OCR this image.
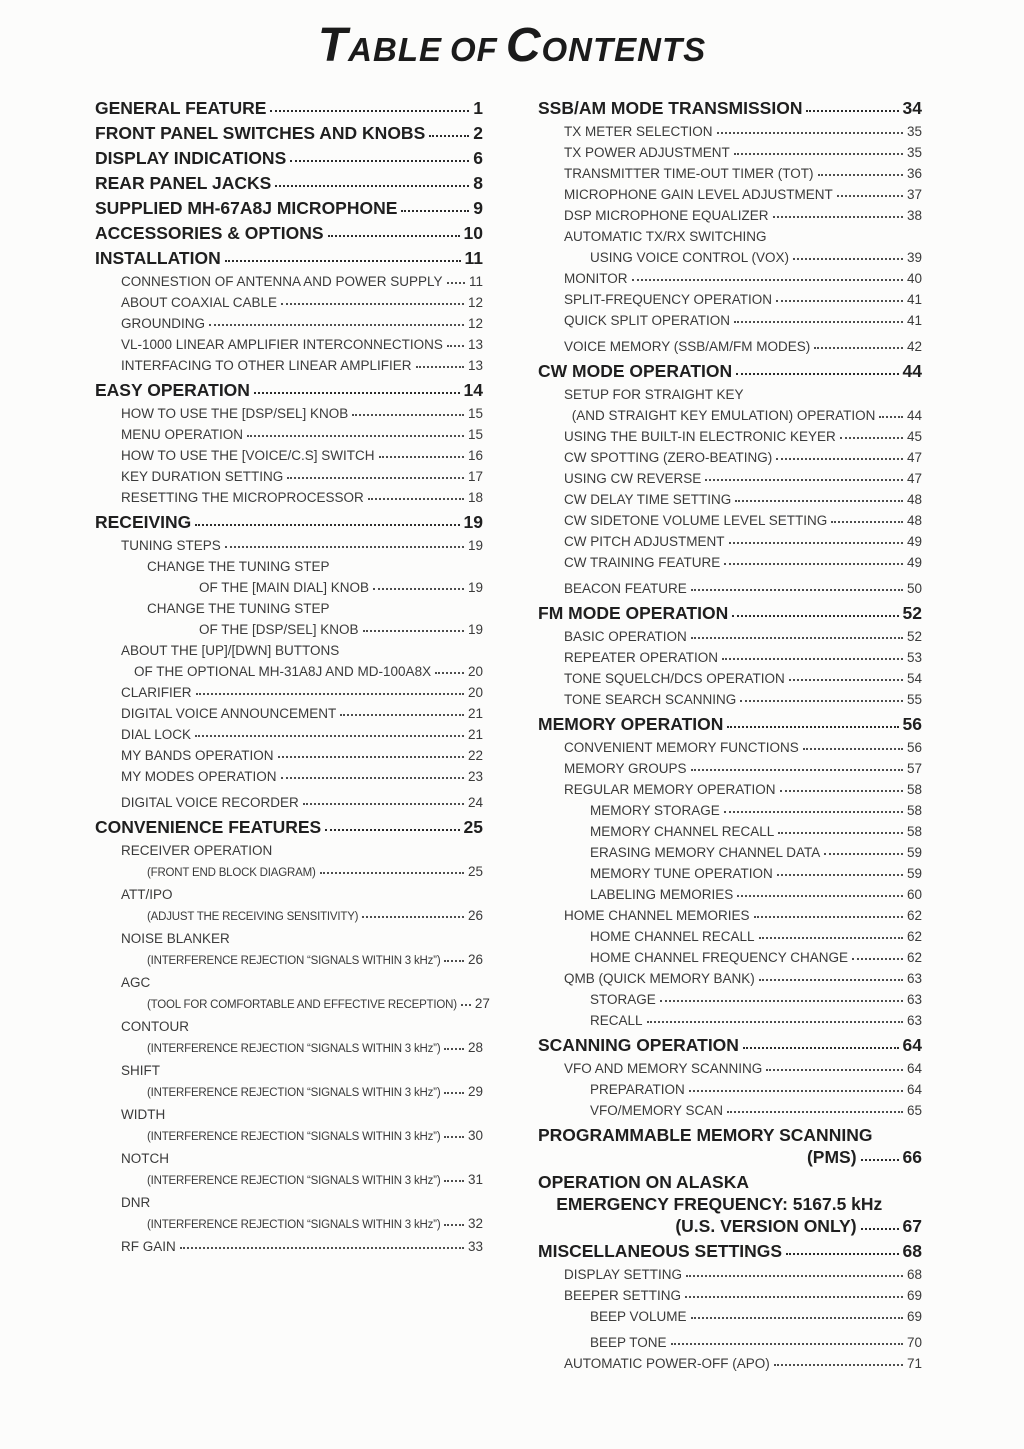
TABLE OF CONTENTS
GENERAL FEATURE	1
FRONT PANEL SWITCHES AND KNOBS	2
DISPLAY INDICATIONS	6
REAR PANEL JACKS	8
SUPPLIED MH-67A8J MICROPHONE	9
ACCESSORIES & OPTIONS	10
INSTALLATION	11
CONNESTION OF ANTENNA AND POWER SUPPLY 11
ABOUT COAXIAL CABLE	12
GROUNDING	12
VL-1000 LINEAR AMPLIFIER INTERCONNECTIONS 13
INTERFACING TO OTHER LINEAR AMPLIFIER	13
EASY OPERATION	14
HOW TO USE THE [DSP/SEL] KNOB	15
MENU OPERATION	15
HOW TO USE THE [VOICE/C.S] SWITCH	16
KEY DURATION SETTING	17
RESETTING THE MICROPROCESSOR	18
RECEIVING	19
TUNING STEPS	19
CHANGE THE TUNING STEP
OF THE [MAIN DIAL] KNOB	19
CHANGE THE TUNING STEP
OF THE [DSP/SEL] KNOB	19
ABOUT THE [UP]/[DWN] BUTTONS
OF THE OPTIONAL MH-31A8J AND MD-100A8X	20
CLARIFIER	20
DIGITAL VOICE ANNOUNCEMENT	21
DIAL LOCK	21
MY BANDS OPERATION	22
MY MODES OPERATION	23
DIGITAL VOICE RECORDER	24
CONVENIENCE FEATURES	25
RECEIVER OPERATION
(FRONT END BLOCK DIAGRAM)	25
ATT/IPO
(ADJUST THE RECEIVING SENSITIVITY)	26
NOISE BLANKER
(INTERFERENCE REJECTION “SIGNALS WITHIN 3 kHz”) 26
AGC
(TOOL FOR COMFORTABLE AND EFFECTIVE RECEPTION) 27
CONTOUR
(INTERFERENCE REJECTION “SIGNALS WITHIN 3 kHz”) 28
SHIFT
(INTERFERENCE REJECTION “SIGNALS WITHIN 3 kHz”) 29
WIDTH
(INTERFERENCE REJECTION “SIGNALS WITHIN 3 kHz”) 30
NOTCH
(INTERFERENCE REJECTION “SIGNALS WITHIN 3 kHz”) 31
DNR
(INTERFERENCE REJECTION “SIGNALS WITHIN 3 kHz”) 32
RF GAIN	33
SSB/AM MODE TRANSMISSION	34
TX METER SELECTION	35
TX POWER ADJUSTMENT	35
TRANSMITTER TIME-OUT TIMER (TOT)	36
MICROPHONE GAIN LEVEL ADJUSTMENT	37
DSP MICROPHONE EQUALIZER	38
AUTOMATIC TX/RX SWITCHING
USING VOICE CONTROL (VOX)	39
MONITOR	40
SPLIT-FREQUENCY OPERATION	41
QUICK SPLIT OPERATION	41
VOICE MEMORY (SSB/AM/FM MODES)	42
CW MODE OPERATION	44
SETUP FOR STRAIGHT KEY
(AND STRAIGHT KEY EMULATION) OPERATION 44
USING THE BUILT-IN ELECTRONIC KEYER	45
CW SPOTTING (ZERO-BEATING)	47
USING CW REVERSE	47
CW DELAY TIME SETTING	48
CW SIDETONE VOLUME LEVEL SETTING	48
CW PITCH ADJUSTMENT	49
CW TRAINING FEATURE	49
BEACON FEATURE	50
FM MODE OPERATION	52
BASIC OPERATION	52
REPEATER OPERATION	53
TONE SQUELCH/DCS OPERATION	54
TONE SEARCH SCANNING	55
MEMORY OPERATION	56
CONVENIENT MEMORY FUNCTIONS	56
MEMORY GROUPS	57
REGULAR MEMORY OPERATION	58
MEMORY STORAGE	58
MEMORY CHANNEL RECALL	58
ERASING MEMORY CHANNEL DATA	59
MEMORY TUNE OPERATION	59
LABELING MEMORIES	60
HOME CHANNEL MEMORIES	62
HOME CHANNEL RECALL	62
HOME CHANNEL FREQUENCY CHANGE	62
QMB (QUICK MEMORY BANK)	63
STORAGE	63
RECALL	63
SCANNING OPERATION	64
VFO AND MEMORY SCANNING	64
PREPARATION	64
VFO/MEMORY SCAN	65
PROGRAMMABLE MEMORY SCANNING
(PMS)	66
OPERATION ON ALASKA
EMERGENCY FREQUENCY: 5167.5 kHz
(U.S. VERSION ONLY)	67
MISCELLANEOUS SETTINGS	68
DISPLAY SETTING	68
BEEPER SETTING	69
BEEP VOLUME	69
BEEP TONE	70
AUTOMATIC POWER-OFF (APO)	71
